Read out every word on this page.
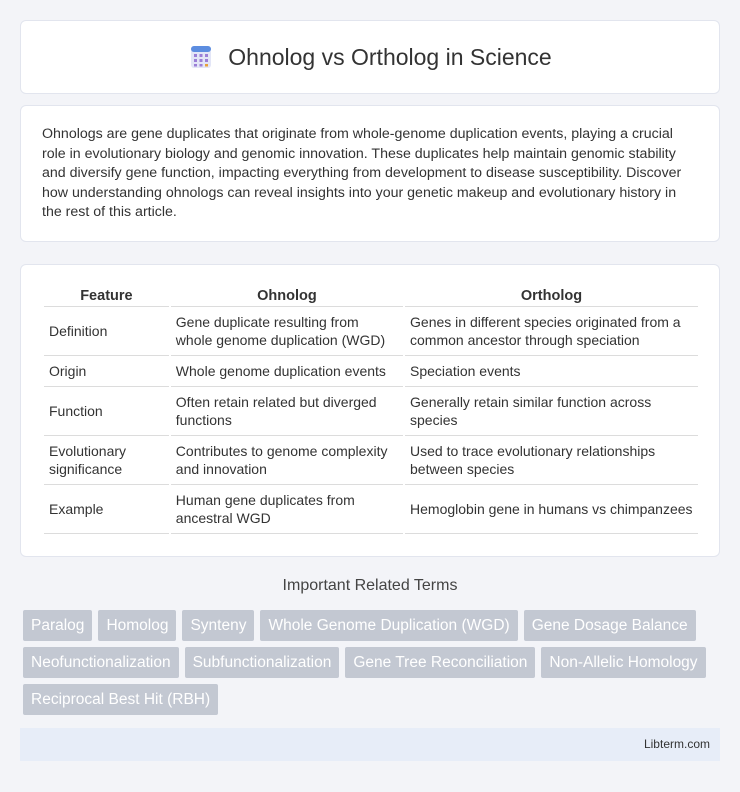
Ohnolog vs Ortholog in Science

Ohnologs are gene duplicates that originate from whole-genome duplication events, playing a crucial role in evolutionary biology and genomic innovation. These duplicates help maintain genomic stability and diversify gene function, impacting everything from development to disease susceptibility. Discover how understanding ohnologs can reveal insights into your genetic makeup and evolutionary history in the rest of this article.

Feature	Ohnolog	Ortholog
Definition	Gene duplicate resulting from whole genome duplication (WGD)	Genes in different species originated from a common ancestor through speciation
Origin	Whole genome duplication events	Speciation events
Function	Often retain related but diverged functions	Generally retain similar function across species
Evolutionary significance	Contributes to genome complexity and innovation	Used to trace evolutionary relationships between species
Example	Human gene duplicates from ancestral WGD	Hemoglobin gene in humans vs chimpanzees
Important Related Terms
Paralog	Homolog	Synteny	Whole Genome Duplication (WGD)	Gene Dosage Balance
Neofunctionalization	Subfunctionalization	Gene Tree Reconciliation	Non-Allelic Homology
Reciprocal Best Hit (RBH)
Libterm.com
